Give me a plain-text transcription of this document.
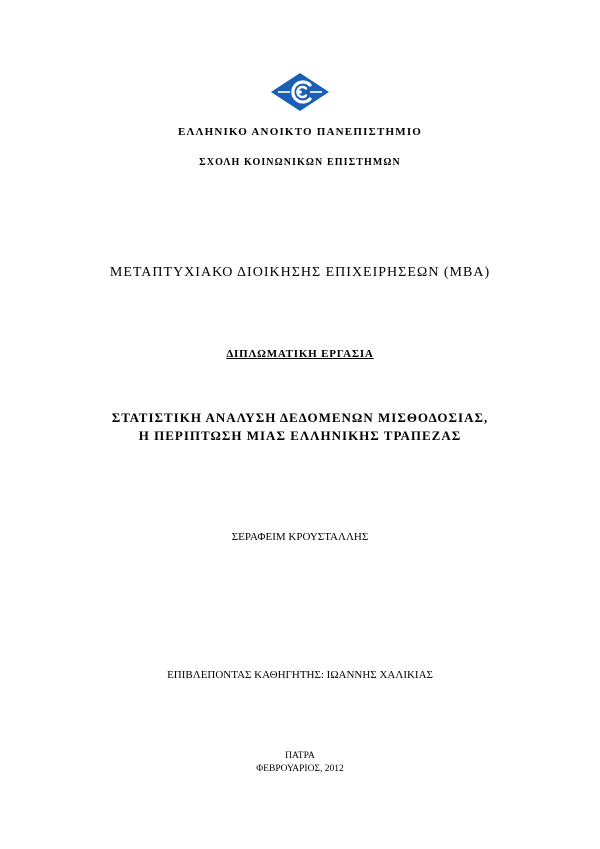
ΕΛΛΗΝΙΚΟ ΑΝΟΙΚΤΟ ΠΑΝΕΠΙΣΤΗΜΙΟ
ΣΧΟΛΗ ΚΟΙΝΩΝΙΚΩΝ ΕΠΙΣΤΗΜΩΝ
ΜΕΤΑΠΤΥΧΙΑΚΟ ΔΙΟΙΚΗΣΗΣ ΕΠΙΧΕΙΡΗΣΕΩΝ (ΜΒΑ)
ΔΙΠΛΩΜΑΤΙΚΗ ΕΡΓΑΣΙΑ
ΣΤΑΤΙΣΤΙΚΗ ΑΝΑΛΥΣΗ ΔΕΔΟΜΕΝΩΝ ΜΙΣΘΟΔΟΣΙΑΣ,
Η ΠΕΡΙΠΤΩΣΗ ΜΙΑΣ ΕΛΛΗΝΙΚΗΣ ΤΡΑΠΕΖΑΣ
ΣΕΡΑΦΕΙΜ ΚΡΟΥΣΤΑΛΛΗΣ
ΕΠΙΒΛΕΠΟΝΤΑΣ ΚΑΘΗΓΗΤΗΣ: ΙΩΑΝΝΗΣ ΧΑΛΙΚΙΑΣ
ΠΑΤΡΑ
ΦΕΒΡΟΥΑΡΙΟΣ, 2012
